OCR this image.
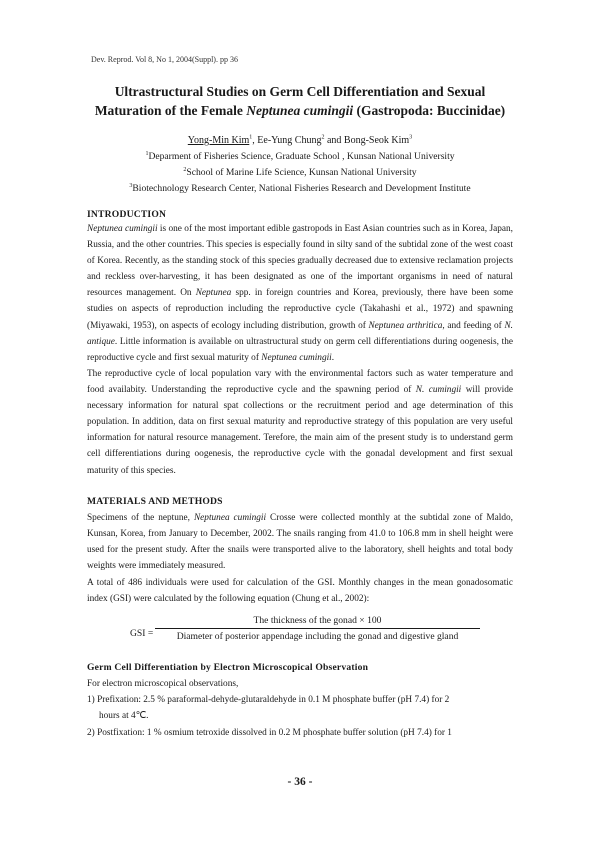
Dev. Reprod. Vol 8, No 1, 2004(Suppl). pp 36
Ultrastructural Studies on Germ Cell Differentiation and Sexual
Maturation of the Female Neptunea cumingii (Gastropoda: Buccinidae)
Yong-Min Kim$^1$, Ee-Yung Chung$^2$ and Bong-Seok Kim$^3$
$^1$Deparment of Fisheries Science, Graduate School , Kunsan National University
$^2$School of Marine Life Science, Kunsan National University
$^3$Biotechnology Research Center, National Fisheries Research and Development Institute
INTRODUCTION

Neptunea cumingii is one of the most important edible gastropods in East Asian countries such as in Korea, Japan, Russia, and the other countries. This species is especially found in silty sand of the subtidal zone of the west coast of Korea. Recently, as the standing stock of this species gradually decreased due to extensive reclamation projects and reckless over-harvesting, it has been designated as one of the important organisms in need of natural resources management. On Neptunea spp. in foreign countries and Korea, previously, there have been some studies on aspects of reproduction including the reproductive cycle (Takahashi et al., 1972) and spawning (Miyawaki, 1953), on aspects of ecology including distribution, growth of Neptunea arthritica, and feeding of N. antique. Little information is available on ultrastructural study on germ cell differentiations during oogenesis, the reproductive cycle and first sexual maturity of Neptunea cumingii.

The reproductive cycle of local population vary with the environmental factors such as water temperature and food availabity. Understanding the reproductive cycle and the spawning period of N. cumingii will provide necessary information for natural spat collections or the recruitment period and age determination of this population. In addition, data on first sexual maturity and reproductive strategy of this population are very useful information for natural resource management. Terefore, the main aim of the present study is to understand germ cell differentiations during oogenesis, the reproductive cycle with the gonadal development and first sexual maturity of this species.

MATERIALS AND METHODS

Specimens of the neptune, Neptunea cumingii Crosse were collected monthly at the subtidal zone of Maldo, Kunsan, Korea, from January to December, 2002. The snails ranging from 41.0 to 106.8 mm in shell height were used for the present study. After the snails were transported alive to the laboratory, shell heights and total body weights were immediately measured.

A total of 486 individuals were used for calculation of the GSI. Monthly changes in the mean gonadosomatic index (GSI) were calculated by the following equation (Chung et al., 2002):

GSI =
The thickness of the gonad × 100
Diameter of posterior appendage including the gonad and digestive gland
Germ Cell Differentiation by Electron Microscopical Observation
For electron microscopical observations,
1) Prefixation: 2.5 % paraformal-dehyde-glutaraldehyde in 0.1 M phosphate buffer (pH 7.4) for 2
hours at 4℃.
2) Postfixation: 1 % osmium tetroxide dissolved in 0.2 M phosphate buffer solution (pH 7.4) for 1
- 36 -
